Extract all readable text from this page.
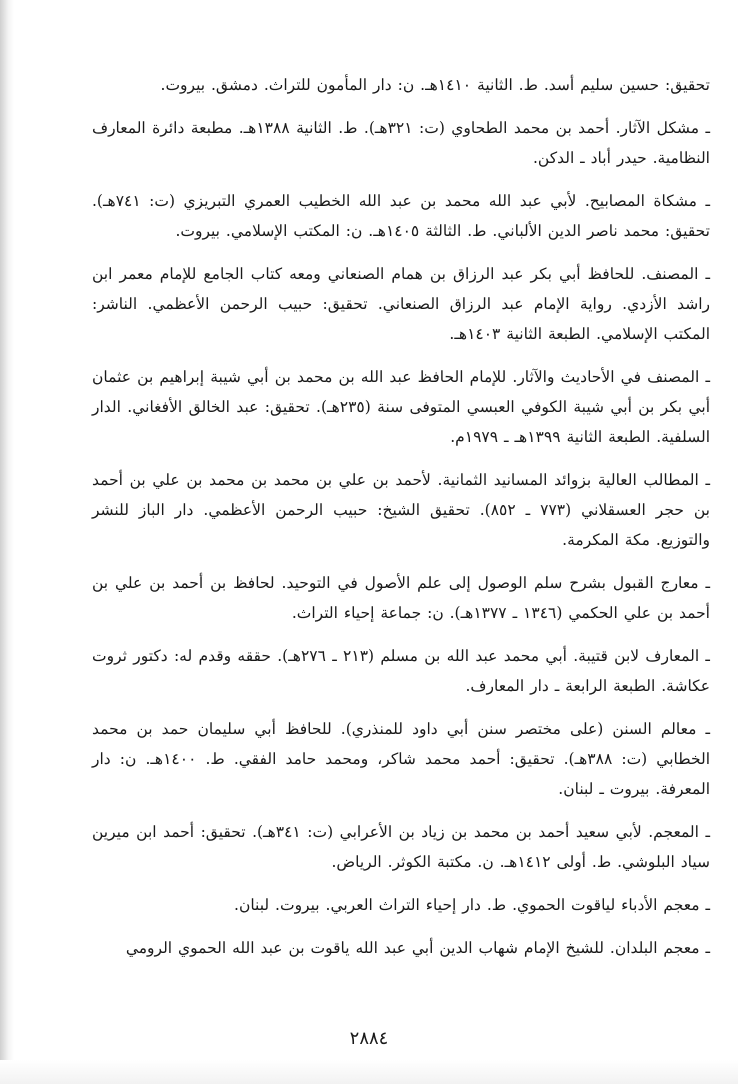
تحقيق: حسين سليم أسد. ط. الثانية ١٤١٠هـ. ن: دار المأمون للتراث. دمشق. بيروت.

ـ مشكل الآثار. أحمد بن محمد الطحاوي (ت: ٣٢١هـ). ط. الثانية ١٣٨٨هـ. مطبعة دائرة المعارف النظامية. حيدر أباد ـ الدكن.

ـ مشكاة المصابيح. لأبي عبد الله محمد بن عبد الله الخطيب العمري التبريزي (ت: ٧٤١هـ). تحقيق: محمد ناصر الدين الألباني. ط. الثالثة ١٤٠٥هـ. ن: المكتب الإسلامي. بيروت.

ـ المصنف. للحافظ أبي بكر عبد الرزاق بن همام الصنعاني ومعه كتاب الجامع للإمام معمر ابن راشد الأزدي. رواية الإمام عبد الرزاق الصنعاني. تحقيق: حبيب الرحمن الأعظمي. الناشر: المكتب الإسلامي. الطبعة الثانية ١٤٠٣هـ.

ـ المصنف في الأحاديث والآثار. للإمام الحافظ عبد الله بن محمد بن أبي شيبة إبراهيم بن عثمان أبي بكر بن أبي شيبة الكوفي العبسي المتوفى سنة (٢٣٥هـ). تحقيق: عبد الخالق الأفغاني. الدار السلفية. الطبعة الثانية ١٣٩٩هـ ـ ١٩٧٩م.

ـ المطالب العالية بزوائد المسانيد الثمانية. لأحمد بن علي بن محمد بن محمد بن علي بن أحمد بن حجر العسقلاني (٧٧٣ ـ ٨٥٢). تحقيق الشيخ: حبيب الرحمن الأعظمي. دار الباز للنشر والتوزيع. مكة المكرمة.

ـ معارج القبول بشرح سلم الوصول إلى علم الأصول في التوحيد. لحافظ بن أحمد بن علي بن أحمد بن علي الحكمي (١٣٤٦ ـ ١٣٧٧هـ). ن: جماعة إحياء التراث.

ـ المعارف لابن قتيبة. أبي محمد عبد الله بن مسلم (٢١٣ ـ ٢٧٦هـ). حققه وقدم له: دكتور ثروت عكاشة. الطبعة الرابعة ـ دار المعارف.

ـ معالم السنن (على مختصر سنن أبي داود للمنذري). للحافظ أبي سليمان حمد بن محمد الخطابي (ت: ٣٨٨هـ). تحقيق: أحمد محمد شاكر، ومحمد حامد الفقي. ط. ١٤٠٠هـ. ن: دار المعرفة. بيروت ـ لبنان.

ـ المعجم. لأبي سعيد أحمد بن محمد بن زياد بن الأعرابي (ت: ٣٤١هـ). تحقيق: أحمد ابن ميرين سياد البلوشي. ط. أولى ١٤١٢هـ. ن. مكتبة الكوثر. الرياض.

ـ معجم الأدباء لياقوت الحموي. ط. دار إحياء التراث العربي. بيروت. لبنان.

ـ معجم البلدان. للشيخ الإمام شهاب الدين أبي عبد الله ياقوت بن عبد الله الحموي الرومي

٢٨٨٤
